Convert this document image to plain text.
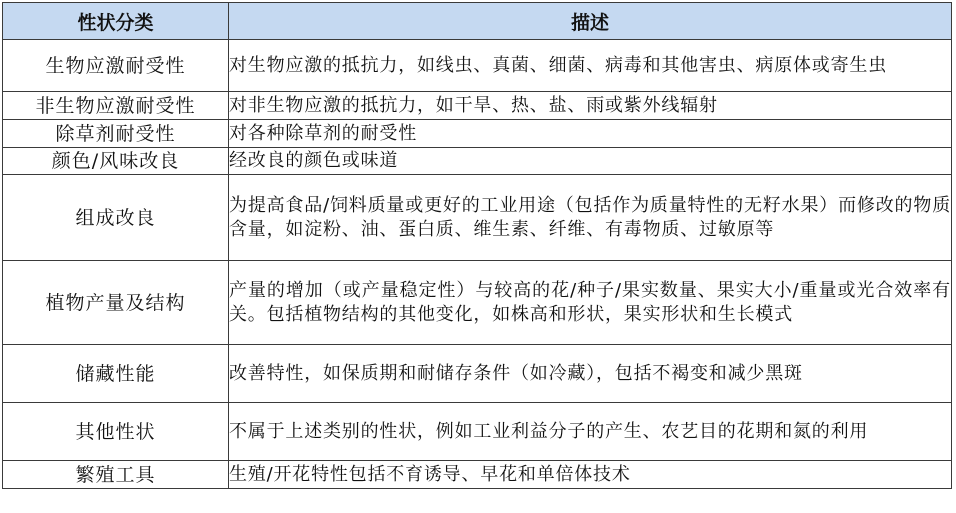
性状分类	描述
生物应激耐受性	对生物应激的抵抗力，如线虫、真菌、细菌、病毒和其他害虫、病原体或寄生虫
非生物应激耐受性	对非生物应激的抵抗力，如干旱、热、盐、雨或紫外线辐射
除草剂耐受性	对各种除草剂的耐受性
颜色/风味改良	经改良的颜色或味道
组成改良	为提高食品/饲料质量或更好的工业用途（包括作为质量特性的无籽水果）而修改的物质含量，如淀粉、油、蛋白质、维生素、纤维、有毒物质、过敏原等
植物产量及结构	产量的增加（或产量稳定性）与较高的花/种子/果实数量、果实大小/重量或光合效率有关。包括植物结构的其他变化，如株高和形状，果实形状和生长模式
储藏性能	改善特性，如保质期和耐储存条件（如冷藏），包括不褐变和减少黑斑
其他性状	不属于上述类别的性状，例如工业利益分子的产生、农艺目的花期和氮的利用
繁殖工具	生殖/开花特性包括不育诱导、早花和单倍体技术
